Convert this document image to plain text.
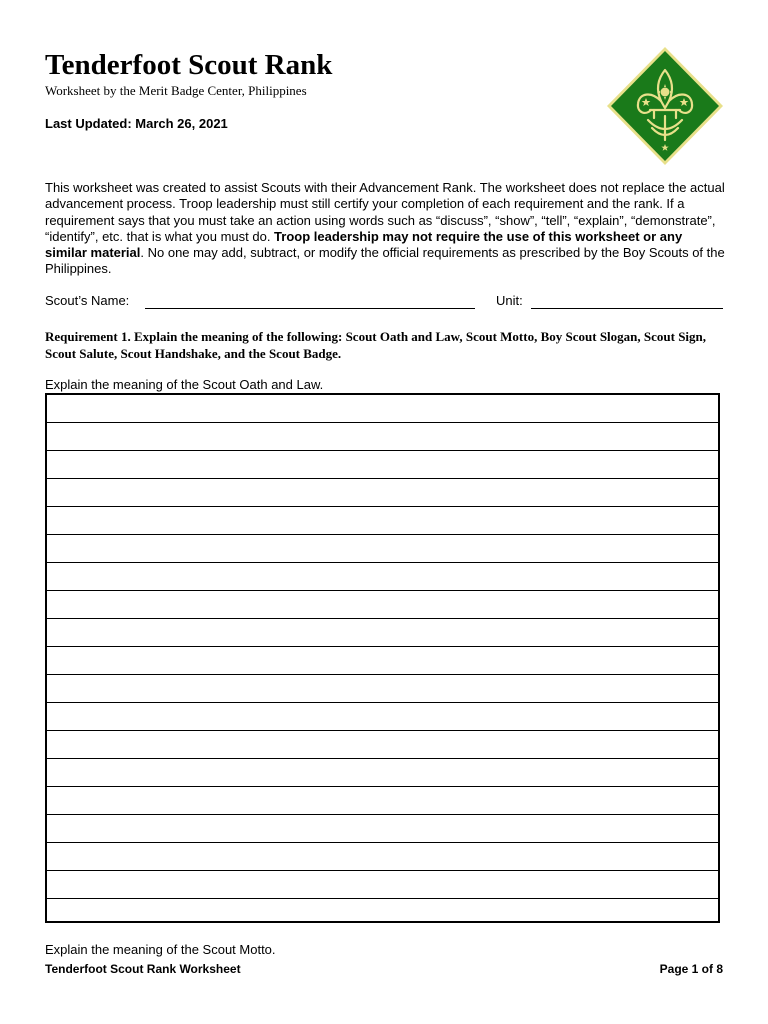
Tenderfoot Scout Rank
Worksheet by the Merit Badge Center, Philippines
Last Updated: March 26, 2021
This worksheet was created to assist Scouts with their Advancement Rank. The worksheet does not replace the actual advancement process. Troop leadership must still certify your completion of each requirement and the rank. If a requirement says that you must take an action using words such as “discuss”, “show”, “tell”, “explain”, “demonstrate”, “identify”, etc. that is what you must do. Troop leadership may not require the use of this worksheet or any similar material. No one may add, subtract, or modify the official requirements as prescribed by the Boy Scouts of the Philippines.
Scout’s Name:	Unit:
Requirement 1. Explain the meaning of the following: Scout Oath and Law, Scout Motto, Boy Scout Slogan, Scout Sign, Scout Salute, Scout Handshake, and the Scout Badge.
Explain the meaning of the Scout Oath and Law.
Explain the meaning of the Scout Motto.
Tenderfoot Scout Rank Worksheet	Page 1 of 8
